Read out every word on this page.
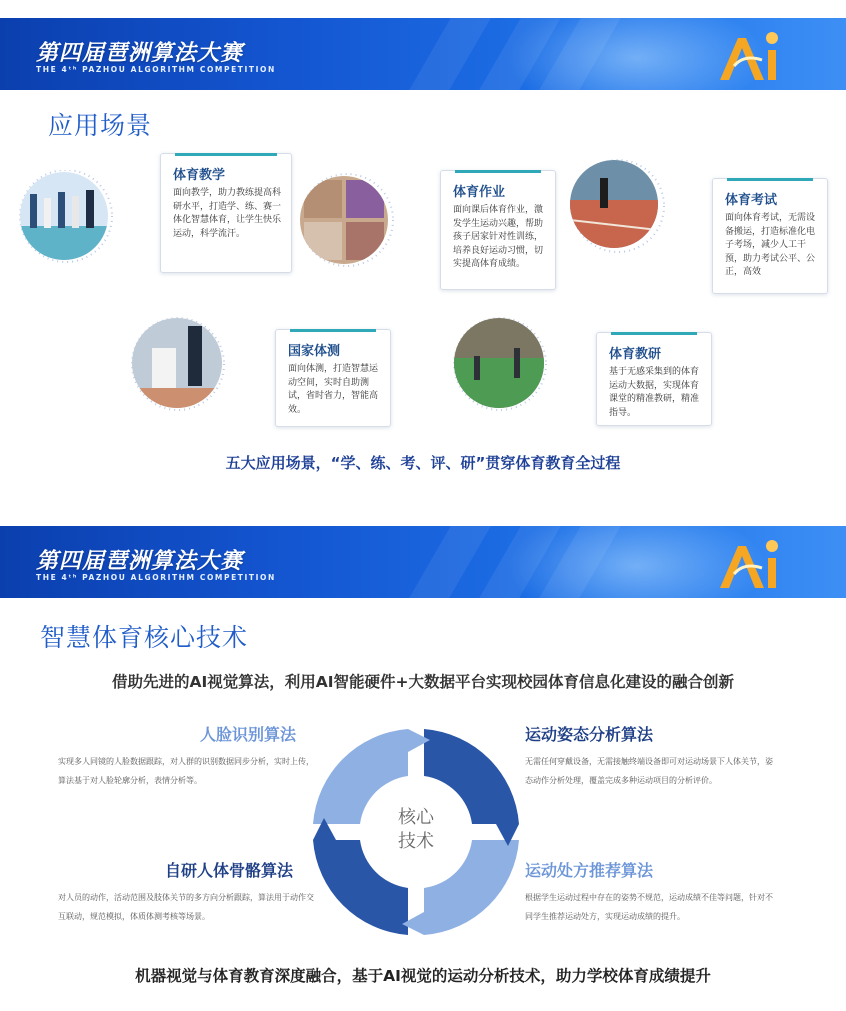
第四届琶洲算法大赛
THE 4ᵗʰ PAZHOU ALGORITHM COMPETITION
应用场景
体育教学
面向教学，助力教练提高科研水平，打造学、练、赛一体化智慧体育，让学生快乐运动，科学流汗。
体育作业
面向课后体育作业，激发学生运动兴趣，帮助孩子居家针对性训练，培养良好运动习惯，切实提高体育成绩。
体育考试
面向体育考试，无需设备搬运，打造标准化电子考场，减少人工干预，助力考试公平、公正，高效
国家体测
面向体测，打造智慧运动空间，实时自助测试，省时省力，智能高效。
体育教研
基于无感采集到的体育运动大数据，实现体育课堂的精准教研，精准指导。
五大应用场景，“学、练、考、评、研”贯穿体育教育全过程
第四届琶洲算法大赛
THE 4ᵗʰ PAZHOU ALGORITHM COMPETITION
智慧体育核心技术
借助先进的AI视觉算法，利用AI智能硬件+大数据平台实现校园体育信息化建设的融合创新
核心
技术
人脸识别算法
实现多人同镜的人脸数据跟踪，对人群的识别数据同步分析，实时上传，算法基于对人脸轮廓分析，表情分析等。
运动姿态分析算法
无需任何穿戴设备，无需接触终端设备即可对运动场景下人体关节，姿态动作分析处理，覆盖完成多种运动项目的分析评价。
自研人体骨骼算法
对人员的动作，活动范围及肢体关节的多方向分析跟踪，算法用于动作交互联动，规范模拟，体质体测考核等场景。
运动处方推荐算法
根据学生运动过程中存在的姿势不规范，运动成绩不佳等问题，针对不同学生推荐运动处方，实现运动成绩的提升。
机器视觉与体育教育深度融合，基于AI视觉的运动分析技术，助力学校体育成绩提升
